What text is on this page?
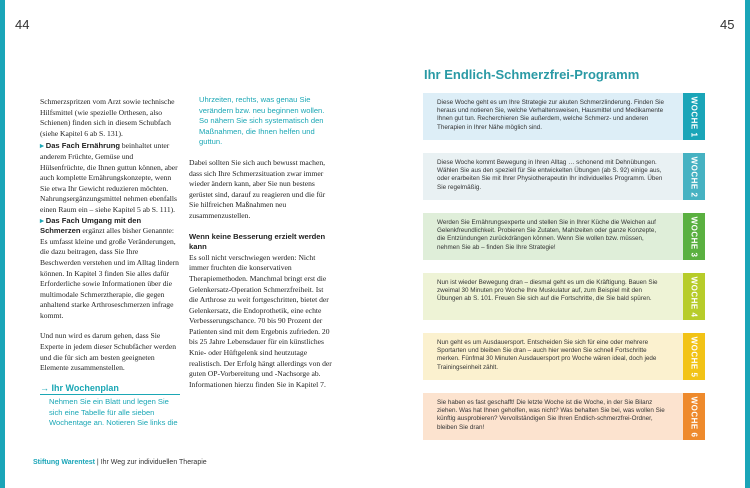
44	45

Schmerzspritzen vom Arzt sowie technische Hilfsmittel (wie spezielle Orthesen, also Schienen) finden sich in diesem Schubfach (siehe Kapitel 6 ab S. 131).

▸ Das Fach Ernährung beinhaltet unter anderem Früchte, Gemüse und Hülsenfrüchte, die Ihnen guttun können, aber auch komplette Ernährungskonzepte, wenn Sie etwa Ihr Gewicht reduzieren möchten. Nahrungsergänzungsmittel nehmen ebenfalls einen Raum ein – siehe Kapitel 5 ab S. 111).

▸ Das Fach Umgang mit den Schmerzen ergänzt alles bisher Genannte: Es umfasst kleine und große Veränderungen, die dazu beitragen, dass Sie Ihre Beschwerden verstehen und im Alltag lindern können. In Kapitel 3 finden Sie alles dafür Erforderliche sowie Informationen über die multimodale Schmerztherapie, die gegen anhaltend starke Arthroseschmerzen infrage kommt.

Und nun wird es darum gehen, dass Sie Experte in jedem dieser Schubfächer werden und die für sich am besten geeigneten Elemente zusammenstellen.

→ Ihr Wochenplan
Nehmen Sie ein Blatt und legen Sie sich eine Tabelle für alle sieben Wochentage an. Notieren Sie links die
Uhrzeiten, rechts, was genau Sie verändern bzw. neu beginnen wollen. So nähern Sie sich systematisch den Maßnahmen, die Ihnen helfen und guttun.
Dabei sollten Sie sich auch bewusst machen, dass sich Ihre Schmerzsituation zwar immer wieder ändern kann, aber Sie nun bestens gerüstet sind, darauf zu reagieren und die für Sie hilfreichen Maßnahmen neu zusammenzustellen.
Wenn keine Besserung erzielt werden kann
Es soll nicht verschwiegen werden: Nicht immer fruchten die konservativen Therapiemethoden. Manchmal bringt erst die Gelenkersatz-Operation Schmerzfreiheit. Ist die Arthrose zu weit fortgeschritten, bietet der Gelenkersatz, die Endoprothetik, eine echte Verbesserungschance. 70 bis 90 Prozent der Patienten sind mit dem Ergebnis zufrieden. 20 bis 25 Jahre Lebensdauer für ein künstliches Knie- oder Hüftgelenk sind heutzutage realistisch. Der Erfolg hängt allerdings von der guten OP-Vorbereitung und -Nachsorge ab. Informationen hierzu finden Sie in Kapitel 7.
Stiftung Warentest | Ihr Weg zur individuellen Therapie
Ihr Endlich-Schmerzfrei-Programm
Diese Woche geht es um Ihre Strategie zur akuten Schmerzlinderung. Finden Sie heraus und notieren Sie, welche Verhaltensweisen, Hausmittel und Medikamente Ihnen gut tun. Recherchieren Sie außerdem, welche Schmerz- und anderen Therapien in Ihrer Nähe möglich sind.	WOCHE 1
Diese Woche kommt Bewegung in Ihren Alltag … schonend mit Dehnübungen. Wählen Sie aus den speziell für Sie entwickelten Übungen (ab S. 92) einige aus, oder erarbeiten Sie mit Ihrer Physiotherapeutin Ihr individuelles Programm. Üben Sie regelmäßig.	WOCHE 2
Werden Sie Ernährungsexperte und stellen Sie in Ihrer Küche die Weichen auf Gelenkfreundlichkeit. Probieren Sie Zutaten, Mahlzeiten oder ganze Konzepte, die Entzündungen zurückdrängen können. Wenn Sie wollen bzw. müssen, nehmen Sie ab – finden Sie Ihre Strategie!	WOCHE 3
Nun ist wieder Bewegung dran – diesmal geht es um die Kräftigung. Bauen Sie zweimal 30 Minuten pro Woche Ihre Muskulatur auf, zum Beispiel mit den Übungen ab S. 101. Freuen Sie sich auf die Fortschritte, die Sie bald spüren.	WOCHE 4
Nun geht es um Ausdauersport. Entscheiden Sie sich für eine oder mehrere Sportarten und bleiben Sie dran – auch hier werden Sie schnell Fortschritte merken. Fünfmal 30 Minuten Ausdauersport pro Woche wären ideal, doch jede Trainingseinheit zählt.	WOCHE 5
Sie haben es fast geschafft! Die letzte Woche ist die Woche, in der Sie Bilanz ziehen. Was hat Ihnen geholfen, was nicht? Was behalten Sie bei, was wollen Sie künftig ausprobieren? Vervollständigen Sie Ihren Endlich-schmerzfrei-Ordner, bleiben Sie dran!	WOCHE 6
